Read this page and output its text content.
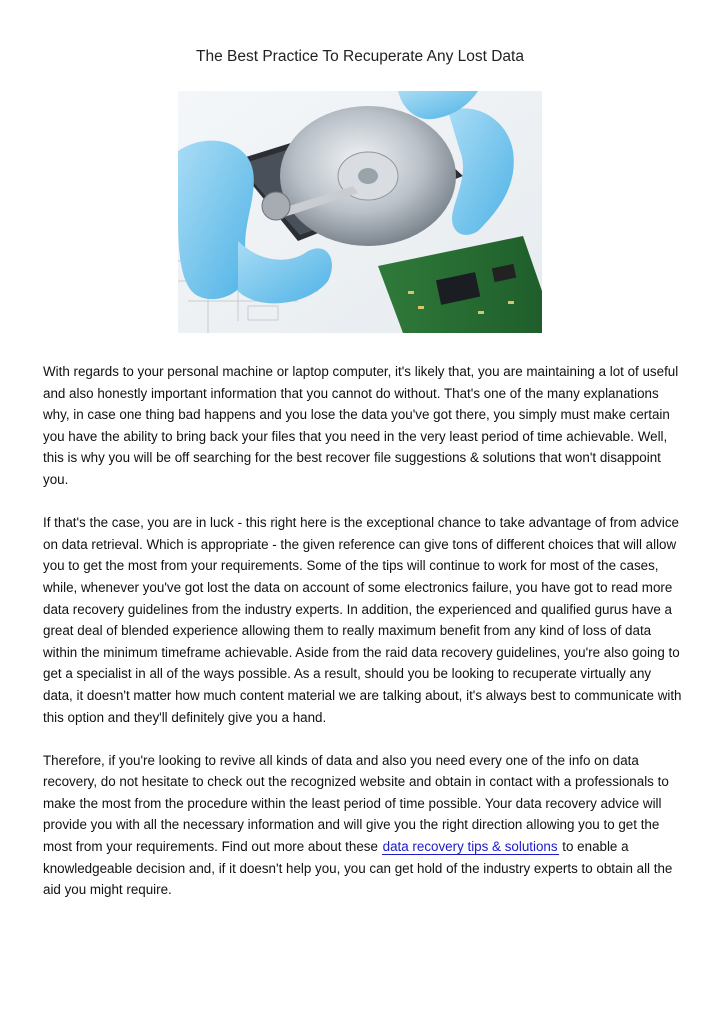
The Best Practice To Recuperate Any Lost Data

With regards to your personal machine or laptop computer, it's likely that, you are maintaining a lot of useful and also honestly important information that you cannot do without. That's one of the many explanations why, in case one thing bad happens and you lose the data you've got there, you simply must make certain you have the ability to bring back your files that you need in the very least period of time achievable. Well, this is why you will be off searching for the best recover file suggestions & solutions that won't disappoint you.

If that's the case, you are in luck - this right here is the exceptional chance to take advantage of from advice on data retrieval. Which is appropriate - the given reference can give tons of different choices that will allow you to get the most from your requirements. Some of the tips will continue to work for most of the cases, while, whenever you've got lost the data on account of some electronics failure, you have got to read more data recovery guidelines from the industry experts. In addition, the experienced and qualified gurus have a great deal of blended experience allowing them to really maximum benefit from any kind of loss of data within the minimum timeframe achievable. Aside from the raid data recovery guidelines, you're also going to get a specialist in all of the ways possible. As a result, should you be looking to recuperate virtually any data, it doesn't matter how much content material we are talking about, it's always best to communicate with this option and they'll definitely give you a hand.

Therefore, if you're looking to revive all kinds of data and also you need every one of the info on data recovery, do not hesitate to check out the recognized website and obtain in contact with a professionals to make the most from the procedure within the least period of time possible. Your data recovery advice will provide you with all the necessary information and will give you the right direction allowing you to get the most from your requirements. Find out more about these data recovery tips & solutions to enable a knowledgeable decision and, if it doesn't help you, you can get hold of the industry experts to obtain all the aid you might require.
